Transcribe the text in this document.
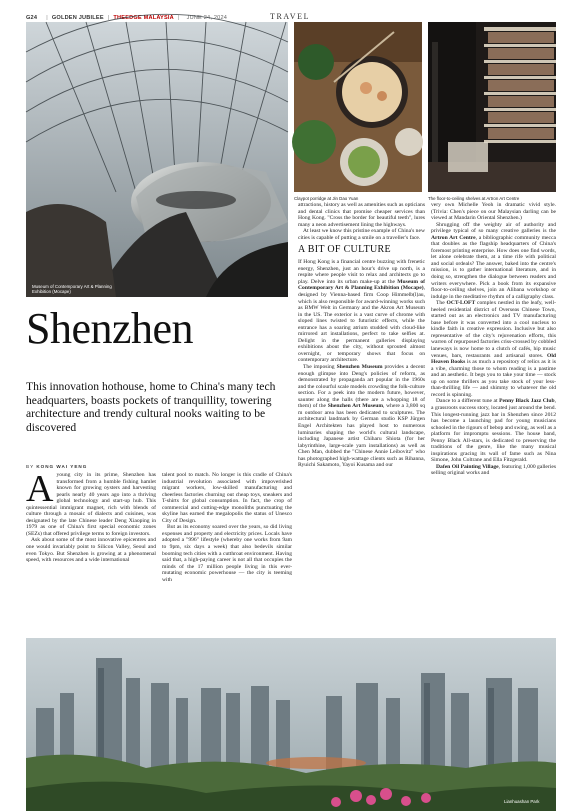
G24 | GOLDEN JUBILEE | THEEDGE MALAYSIA | JUNE 24, 2024	TRAVEL
Museum of Contemporary Art & Planning Exhibition (Mocape)
Claypot porridge at Jin Dao Yuan	The floor-to-ceiling shelves at Artron Art Centre
Shenzhen
This innovation hothouse, home to China's many tech headquarters, boasts pockets of tranquillity, towering architecture and trendy cultural nooks waiting to be discovered
BY KONG WAI YENG
A young city in its prime, Shenzhen has transformed from a humble fishing hamlet known for growing oysters and harvesting pearls nearly 40 years ago into a thriving global technology and start-up hub. This quintessential immigrant magnet, rich with blends of culture through a mosaic of dialects and cuisines, was designated by the late Chinese leader Deng Xiaoping in 1979 as one of China's first special economic zones (SEZs) that offered privilege terms to foreign investors.

Ask about some of the most innovative epicentres and one would invariably point to Silicon Valley, Seoul and even Tokyo. But Shenzhen is growing at a phenomenal speed, with resources and a wide international

talent pool to match. No longer is this cradle of China's industrial revolution associated with impoverished migrant workers, low-skilled manufacturing and cheerless factories churning out cheap toys, sneakers and T-shirts for global consumption. In fact, the crop of commercial and cutting-edge monoliths punctuating the skyline has earned the megalopolis the status of Unesco City of Design.

But as its economy soared over the years, so did living expenses and property and electricity prices. Locals have adopted a "996" lifestyle (whereby one works from 9am to 9pm, six days a week) that also bedevils similar booming tech cities with a cutthroat environment. Having said that, a high-paying career is not all that occupies the minds of the 17 million people living in this ever-mutating economic powerhouse — the city is teeming with

attractions, history as well as amenities such as opticians and dental clinics that promise cheaper services than Hong Kong. "Cross the border for beautiful teeth", lures many a neon advertisement lining the highways.

At least we know this pristine example of China's new cities is capable of putting a smile on a traveller's face.

A BIT OF CULTURE

If Hong Kong is a financial centre buzzing with frenetic energy, Shenzhen, just an hour's drive up north, is a respite where people visit to relax and architects go to play. Delve into its urban make-up at the Museum of Contemporary Art & Planning Exhibition (Mocape), designed by Vienna-based firm Coop Himmelb(l)au, which is also responsible for award-winning works such as BMW Welt in Germany and the Akron Art Museum in the US. The exterior is a vast curve of chrome with sloped lines twisted to futuristic effects, while the entrance has a soaring atrium studded with cloud-like mirrored art installations, perfect to take selfies at. Delight in the permanent galleries displaying exhibitions about the city, without sprouted almost overnight, or temporary shows that focus on contemporary architecture.

The imposing Shenzhen Museum provides a decent enough glimpse into Deng's policies of reform, as demonstrated by propaganda art popular in the 1960s and the colourful scale models crowding the folk-culture section. For a peek into the modern future, however, saunter along the halls (there are a whopping 18 of them) of the Shenzhen Art Museum, where a 3,800 sq m outdoor area has been dedicated to sculptures. The architectural landmark by German studio KSP Jürgen Engel Architekten has played host to numerous luminaries shaping the world's cultural landscape, including Japanese artist Chiharu Shiota (for her labyrinthine, large-scale yarn installations) as well as Chen Man, dubbed the "Chinese Annie Leibovitz" who has photographed high-wattage clients such as Rihanna, Ryuichi Sakamoto, Yayoi Kusama and our

very own Michelle Yeoh in dramatic vivid style. (Trivia: Chen's piece on our Malaysian darling can be viewed at Mandarin Oriental Shenzhen.)

Shrugging off the weighty air of authority and privilege typical of so many creative galleries is the Artron Art Centre, a bibliographic community mecca that doubles as the flagship headquarters of China's foremost printing enterprise. How does one find words, let alone celebrate them, at a time rife with political and social ordeals? The answer, baked into the centre's mission, is to gather international literature, and in doing so, strengthen the dialogue between readers and writers everywhere. Pick a book from its expansive floor-to-ceiling shelves, join an Alibana workshop or indulge in the meditative rhythm of a calligraphy class.

The OCT-LOFT complex nestled in the leafy, well-heeled residential district of Overseas Chinese Town, started out as an electronics and TV manufacturing base before it was converted into a cool nucleus to kindle faith in creative expression. Inclusive but also representative of the city's rejuvenation efforts, this warren of repurposed factories criss-crossed by cobbled laneways is now home to a clutch of cafés, hip music venues, bars, restaurants and artisanal stores. Old Heaven Books is as much a repository of relics as it is a vibe, charming those to whom reading is a pastime and an aesthetic. It begs you to take your time — stock up on some thrillers as you take stock of your less-than-thrilling life — and shimmy to whatever the old record is spinning.

Dance to a different tune at Penny Black Jazz Club, a grassroots success story, located just around the bend. This longest-running jazz bar in Shenzhen since 2012 has become a launching pad for young musicians schooled in the rigours of bebop and swing, as well as a platform for impromptu sessions. The house band, Penny Black All-stars, is dedicated to preserving the traditions of the genre, like the many musical inspirations gracing its wall of fame such as Nina Simone, John Coltrane and Ella Fitzgerald.

Dafen Oil Painting Village, featuring 1,000 galleries selling original works and

Lianhuashan Park
